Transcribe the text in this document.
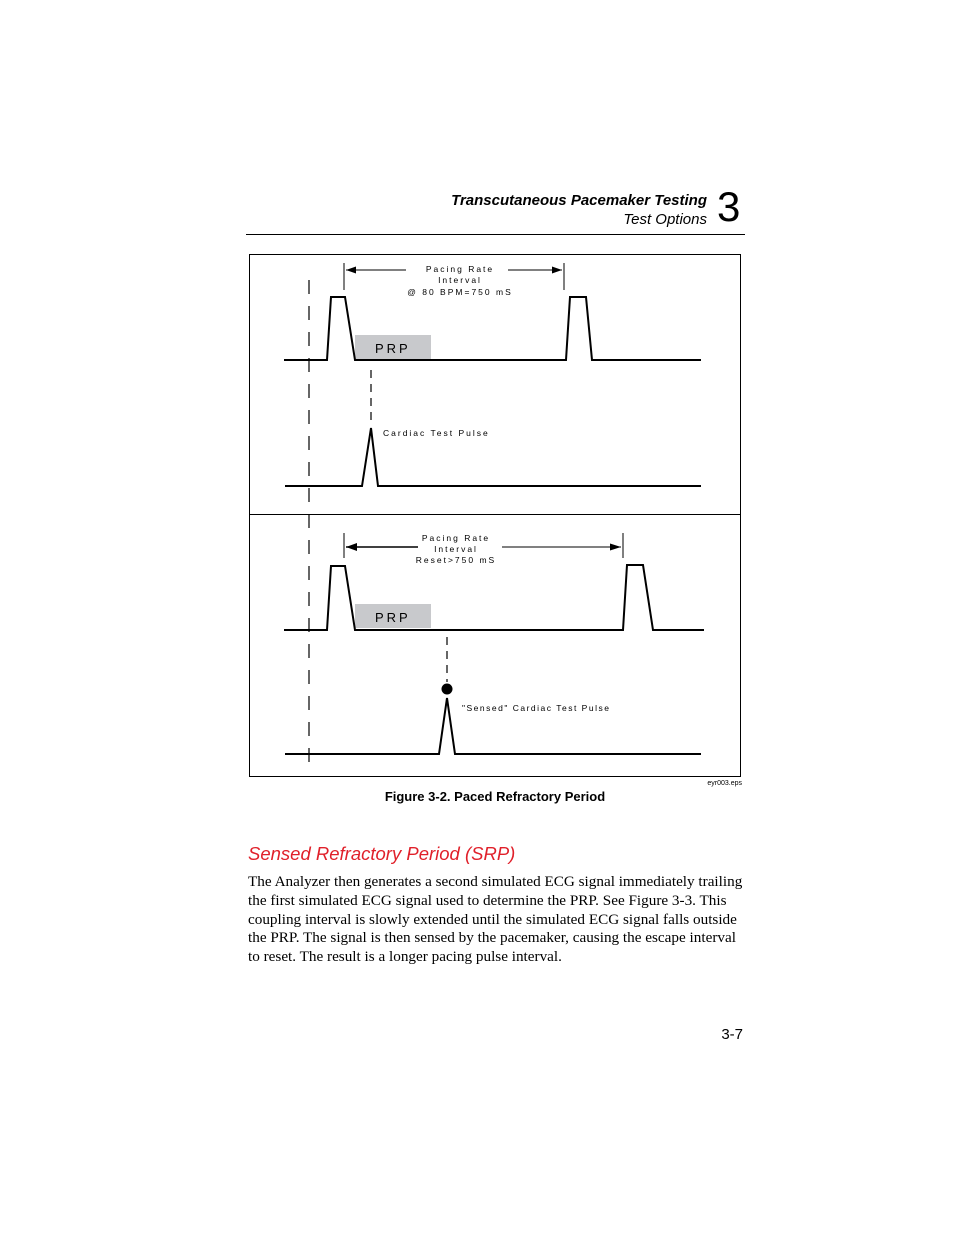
Transcutaneous Pacemaker Testing
Test Options 3
Pacing Rate
Interval
@ 80 BPM=750 mS
PRP
Cardiac Test Pulse
Pacing Rate
Interval
Reset>750 mS
PRP
"Sensed" Cardiac Test Pulse
eyr003.eps
Figure 3-2. Paced Refractory Period
Sensed Refractory Period (SRP)
The Analyzer then generates a second simulated ECG signal immediately trailing the first simulated ECG signal used to determine the PRP. See Figure 3-3. This coupling interval is slowly extended until the simulated ECG signal falls outside the PRP. The signal is then sensed by the pacemaker, causing the escape interval to reset. The result is a longer pacing pulse interval.
3-7
